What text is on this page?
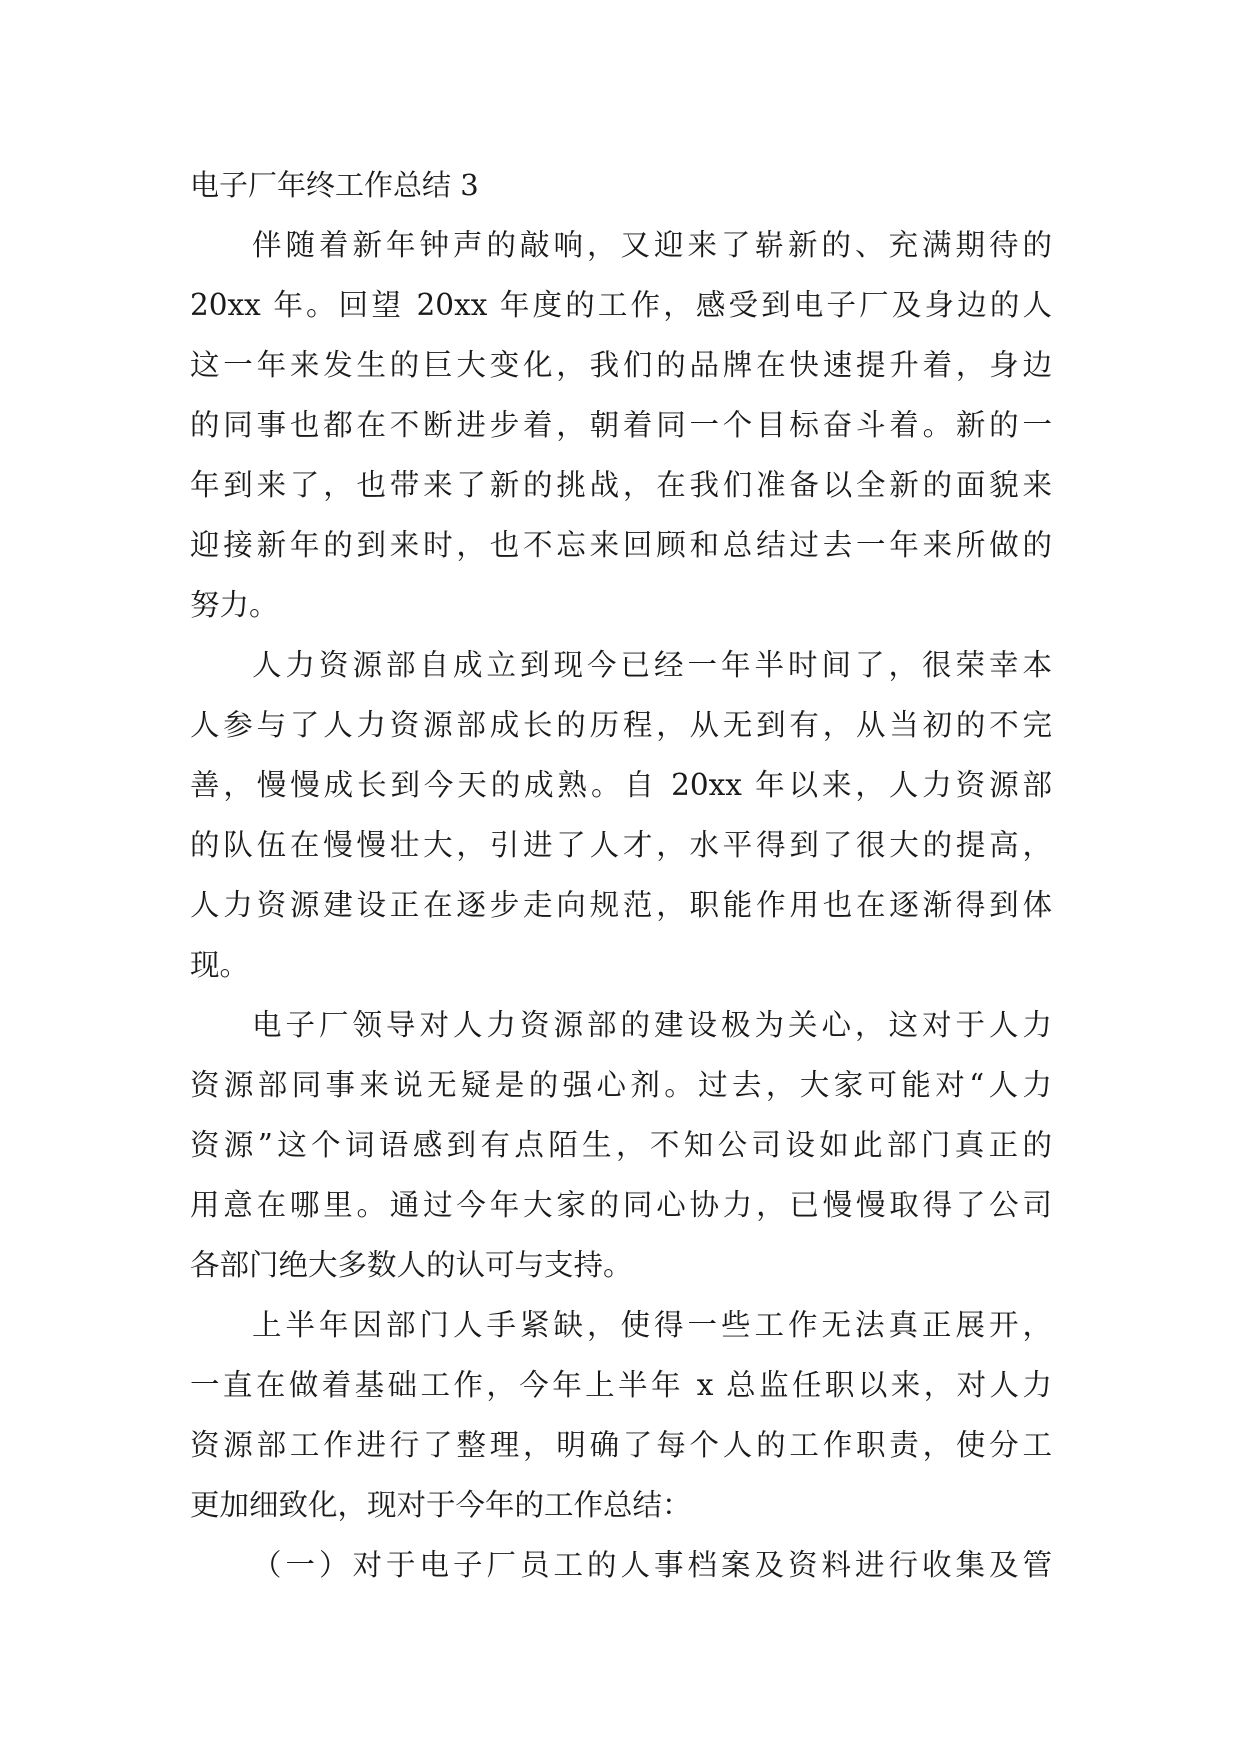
电子厂年终工作总结 3
伴随着新年钟声的敲响，又迎来了崭新的、充满期待的
20xx 年。回望 20xx 年度的工作，感受到电子厂及身边的人
这一年来发生的巨大变化，我们的品牌在快速提升着，身边
的同事也都在不断进步着，朝着同一个目标奋斗着。新的一
年到来了，也带来了新的挑战，在我们准备以全新的面貌来
迎接新年的到来时，也不忘来回顾和总结过去一年来所做的
努力。
人力资源部自成立到现今已经一年半时间了，很荣幸本
人参与了人力资源部成长的历程，从无到有，从当初的不完
善，慢慢成长到今天的成熟。自 20xx 年以来，人力资源部
的队伍在慢慢壮大，引进了人才，水平得到了很大的提高，
人力资源建设正在逐步走向规范，职能作用也在逐渐得到体
现。
电子厂领导对人力资源部的建设极为关心，这对于人力
资源部同事来说无疑是的强心剂。过去，大家可能对“人力
资源”这个词语感到有点陌生，不知公司设如此部门真正的
用意在哪里。通过今年大家的同心协力，已慢慢取得了公司
各部门绝大多数人的认可与支持。
上半年因部门人手紧缺，使得一些工作无法真正展开，
一直在做着基础工作，今年上半年 x 总监任职以来，对人力
资源部工作进行了整理，明确了每个人的工作职责，使分工
更加细致化，现对于今年的工作总结：
（一）对于电子厂员工的人事档案及资料进行收集及管
